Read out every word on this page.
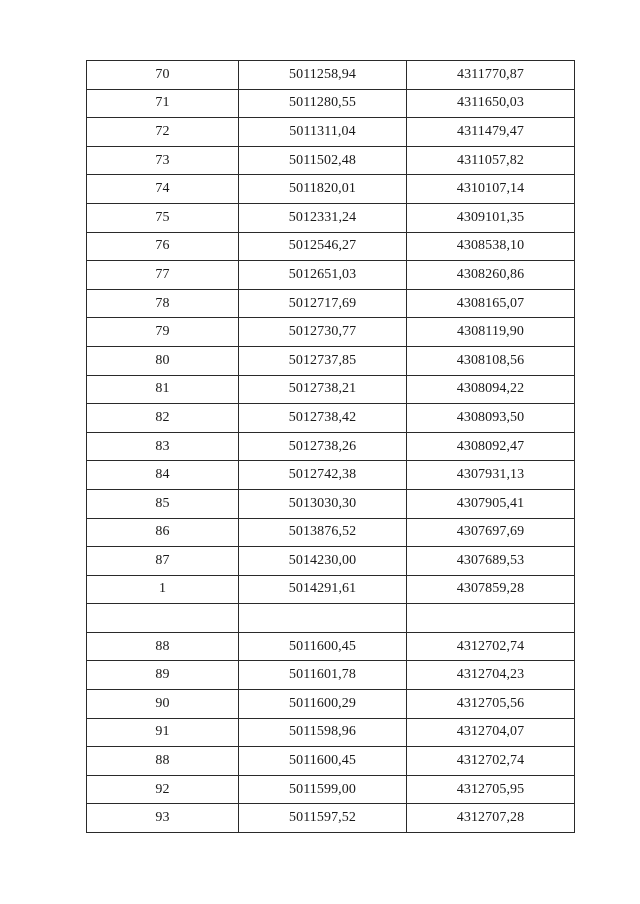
70	5011258,94	4311770,87
71	5011280,55	4311650,03
72	5011311,04	4311479,47
73	5011502,48	4311057,82
74	5011820,01	4310107,14
75	5012331,24	4309101,35
76	5012546,27	4308538,10
77	5012651,03	4308260,86
78	5012717,69	4308165,07
79	5012730,77	4308119,90
80	5012737,85	4308108,56
81	5012738,21	4308094,22
82	5012738,42	4308093,50
83	5012738,26	4308092,47
84	5012742,38	4307931,13
85	5013030,30	4307905,41
86	5013876,52	4307697,69
87	5014230,00	4307689,53
1	5014291,61	4307859,28

88	5011600,45	4312702,74
89	5011601,78	4312704,23
90	5011600,29	4312705,56
91	5011598,96	4312704,07
88	5011600,45	4312702,74
92	5011599,00	4312705,95
93	5011597,52	4312707,28
